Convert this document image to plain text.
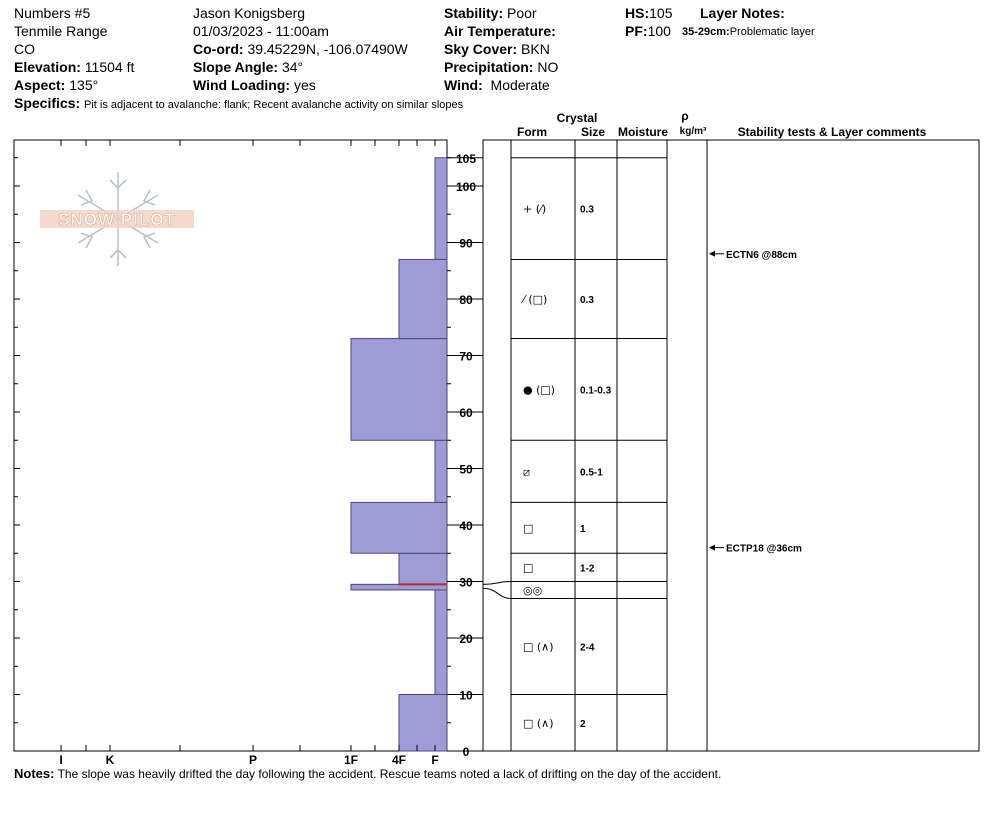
Numbers #5
Tenmile Range
CO
Elevation: 11504 ft
Aspect: 135°
Jason Konigsberg
01/03/2023 - 11:00am
Co-ord: 39.45229N, -106.07490W
Slope Angle: 34°
Wind Loading: yes
Stability: Poor
Air Temperature:
Sky Cover: BKN
Precipitation: NO
Wind: Moderate
HS:105
PF:100
Layer Notes:
35-29cm:Problematic layer
Specifics: Pit is adjacent to avalanche: flank; Recent avalanche activity on similar slopes
SNOW PILOT
I	K	P	1F	4F F
0
10
20
30
40
50
60
70
80
90
100
105
+ (⁄)	0.3
⁄ (□)	0.3
● (□) 0.1-0.3
⧄	0.5-1
□	1
□	1-2
◎◎
□ (∧)	2-4
□ (∧)	2
ECTN6 @88cm
ECTP18 @36cm
Crystal
Form	Size Moisture
ρ
kg/m³	Stability tests & Layer comments
Notes: The slope was heavily drifted the day following the accident. Rescue teams noted a lack of drifting on the day of the accident.
